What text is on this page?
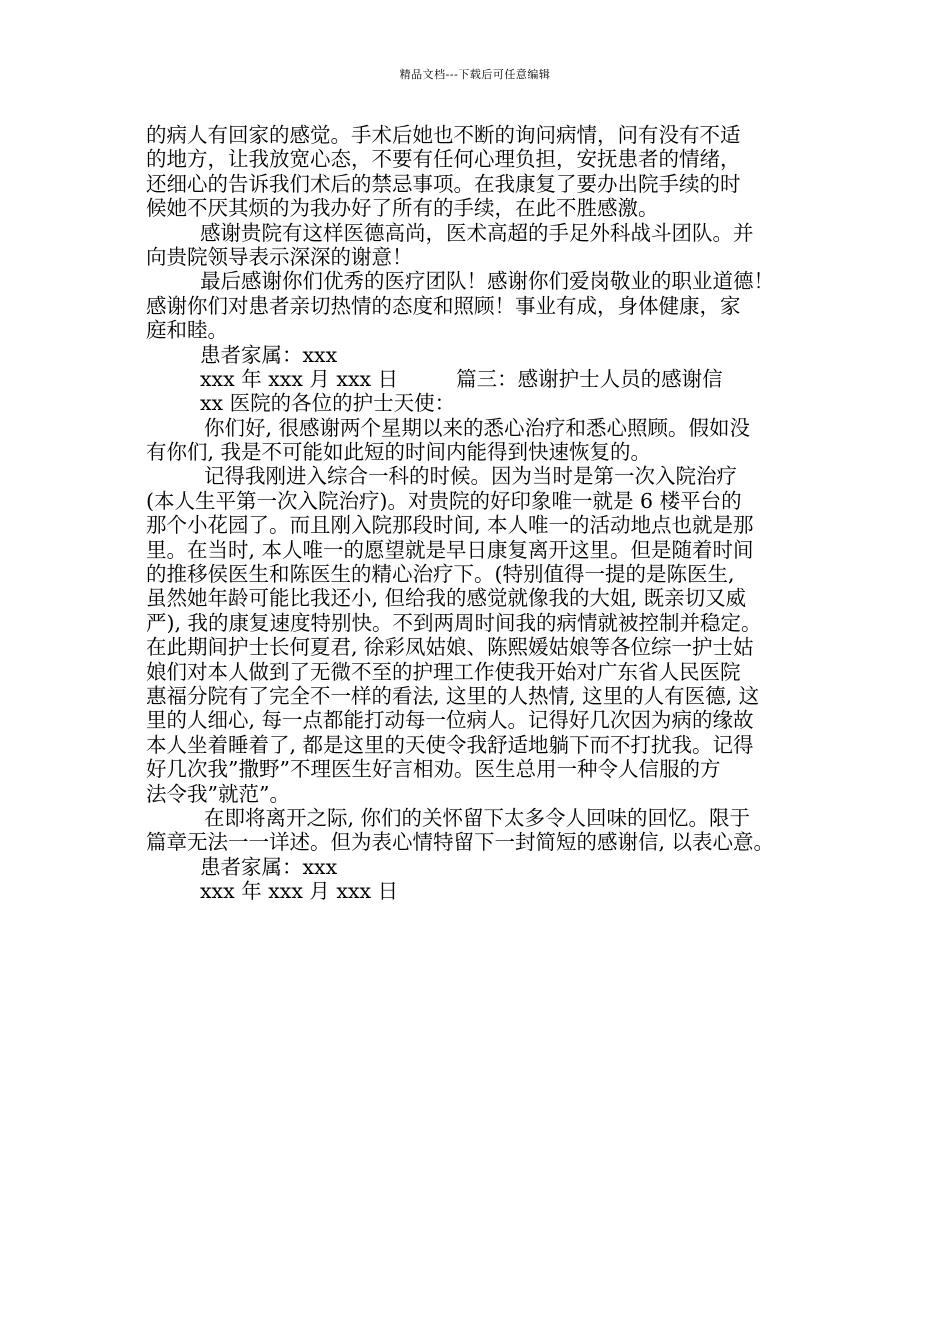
精品文档---下载后可任意编辑
的病人有回家的感觉。手术后她也不断的询问病情，问有没有不适
的地方，让我放宽心态，不要有任何心理负担，安抚患者的情绪，
还细心的告诉我们术后的禁忌事项。在我康复了要办出院手续的时
候她不厌其烦的为我办好了所有的手续，在此不胜感激。
感谢贵院有这样医德高尚，医术高超的手足外科战斗团队。并
向贵院领导表示深深的谢意！
最后感谢你们优秀的医疗团队！感谢你们爱岗敬业的职业道德！
感谢你们对患者亲切热情的态度和照顾！事业有成，身体健康，家
庭和睦。
患者家属：xxx
xxx 年 xxx 月 xxx 日	篇三：感谢护士人员的感谢信
xx 医院的各位的护士天使：
你们好, 很感谢两个星期以来的悉心治疗和悉心照顾。假如没
有你们, 我是不可能如此短的时间内能得到快速恢复的。
记得我刚进入综合一科的时候。因为当时是第一次入院治疗
(本人生平第一次入院治疗)。对贵院的好印象唯一就是 6 楼平台的
那个小花园了。而且刚入院那段时间, 本人唯一的活动地点也就是那
里。在当时, 本人唯一的愿望就是早日康复离开这里。但是随着时间
的推移侯医生和陈医生的精心治疗下。(特别值得一提的是陈医生,
虽然她年龄可能比我还小, 但给我的感觉就像我的大姐, 既亲切又威
严), 我的康复速度特别快。不到两周时间我的病情就被控制并稳定。
在此期间护士长何夏君, 徐彩凤姑娘、陈熙媛姑娘等各位综一护士姑
娘们对本人做到了无微不至的护理工作使我开始对广东省人民医院
惠福分院有了完全不一样的看法, 这里的人热情, 这里的人有医德, 这
里的人细心, 每一点都能打动每一位病人。记得好几次因为病的缘故
本人坐着睡着了, 都是这里的天使令我舒适地躺下而不打扰我。记得
好几次我”撒野”不理医生好言相劝。医生总用一种令人信服的方
法令我”就范”。
在即将离开之际, 你们的关怀留下太多令人回味的回忆。限于
篇章无法一一详述。但为表心情特留下一封简短的感谢信, 以表心意。
患者家属：xxx
xxx 年 xxx 月 xxx 日
